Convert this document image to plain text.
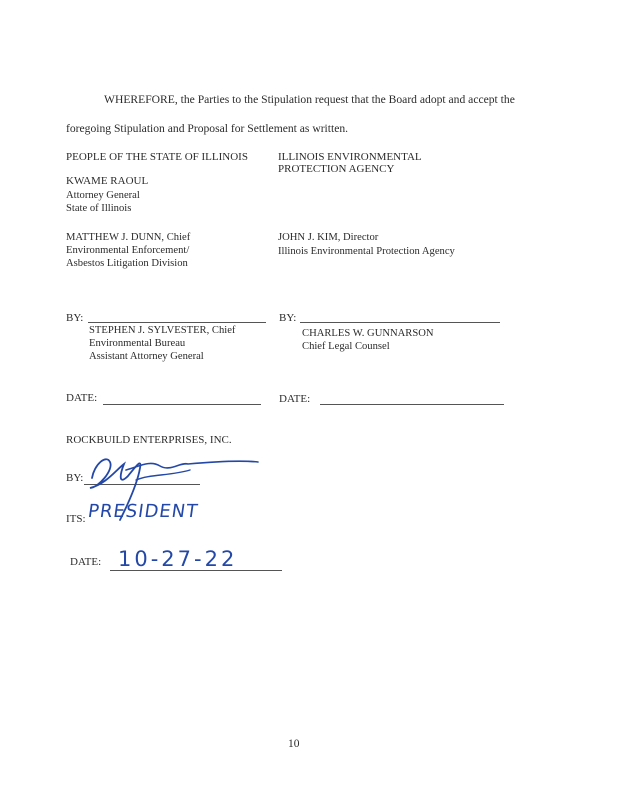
WHEREFORE, the Parties to the Stipulation request that the Board adopt and accept the
foregoing Stipulation and Proposal for Settlement as written.
PEOPLE OF THE STATE OF ILLINOIS
KWAME RAOUL
Attorney General
State of Illinois
MATTHEW J. DUNN, Chief
Environmental Enforcement/
Asbestos Litigation Division
BY:
STEPHEN J. SYLVESTER, Chief
Environmental Bureau
Assistant Attorney General
DATE:
ILLINOIS ENVIRONMENTAL
PROTECTION AGENCY
JOHN J. KIM, Director
Illinois Environmental Protection Agency
BY:
CHARLES W. GUNNARSON
Chief Legal Counsel
DATE:
ROCKBUILD ENTERPRISES, INC.
BY:
ITS: PRESIDENT
DATE: 10-27-22
10
